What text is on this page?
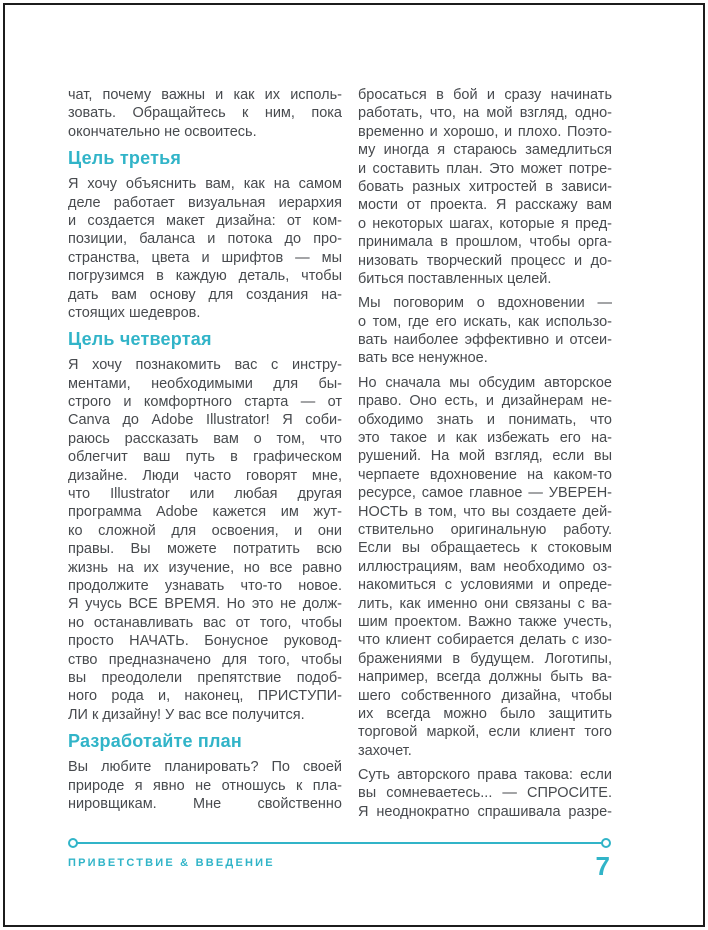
чат, почему важны и как их исполь-
зовать. Обращайтесь к ним, пока
окончательно не освоитесь.
Цель третья
Я хочу объяснить вам, как на самом
деле работает визуальная иерархия
и создается макет дизайна: от ком-
позиции, баланса и потока до про-
странства, цвета и шрифтов — мы
погрузимся в каждую деталь, чтобы
дать вам основу для создания на-
стоящих шедевров.
Цель четвертая
Я хочу познакомить вас с инстру-
ментами, необходимыми для бы-
строго и комфортного старта — от
Canva до Adobe Illustrator! Я соби-
раюсь рассказать вам о том, что
облегчит ваш путь в графическом
дизайне. Люди часто говорят мне,
что Illustrator или любая другая
программа Adobe кажется им жут-
ко сложной для освоения, и они
правы. Вы можете потратить всю
жизнь на их изучение, но все равно
продолжите узнавать что-то новое.
Я учусь ВСЕ ВРЕМЯ. Но это не долж-
но останавливать вас от того, чтобы
просто НАЧАТЬ. Бонусное руковод-
ство предназначено для того, чтобы
вы преодолели препятствие подоб-
ного рода и, наконец, ПРИСТУПИ-
ЛИ к дизайну! У вас все получится.
Разработайте план
Вы любите планировать? По своей
природе я явно не отношусь к пла-
нировщикам. Мне свойственно
бросаться в бой и сразу начинать
работать, что, на мой взгляд, одно-
временно и хорошо, и плохо. Поэто-
му иногда я стараюсь замедлиться
и составить план. Это может потре-
бовать разных хитростей в зависи-
мости от проекта. Я расскажу вам
о некоторых шагах, которые я пред-
принимала в прошлом, чтобы орга-
низовать творческий процесс и до-
биться поставленных целей.
Мы поговорим о вдохновении —
о том, где его искать, как использо-
вать наиболее эффективно и отсеи-
вать все ненужное.
Но сначала мы обсудим авторское
право. Оно есть, и дизайнерам не-
обходимо знать и понимать, что
это такое и как избежать его на-
рушений. На мой взгляд, если вы
черпаете вдохновение на каком-то
ресурсе, самое главное — УВЕРЕН-
НОСТЬ в том, что вы создаете дей-
ствительно оригинальную работу.
Если вы обращаетесь к стоковым
иллюстрациям, вам необходимо оз-
накомиться с условиями и опреде-
лить, как именно они связаны с ва-
шим проектом. Важно также учесть,
что клиент собирается делать с изо-
бражениями в будущем. Логотипы,
например, всегда должны быть ва-
шего собственного дизайна, чтобы
их всегда можно было защитить
торговой маркой, если клиент того
захочет.
Суть авторского права такова: если
вы сомневаетесь... — СПРОСИТЕ.
Я неоднократно спрашивала разре-
ПРИВЕТСТВИЕ & ВВЕДЕНИЕ	7
